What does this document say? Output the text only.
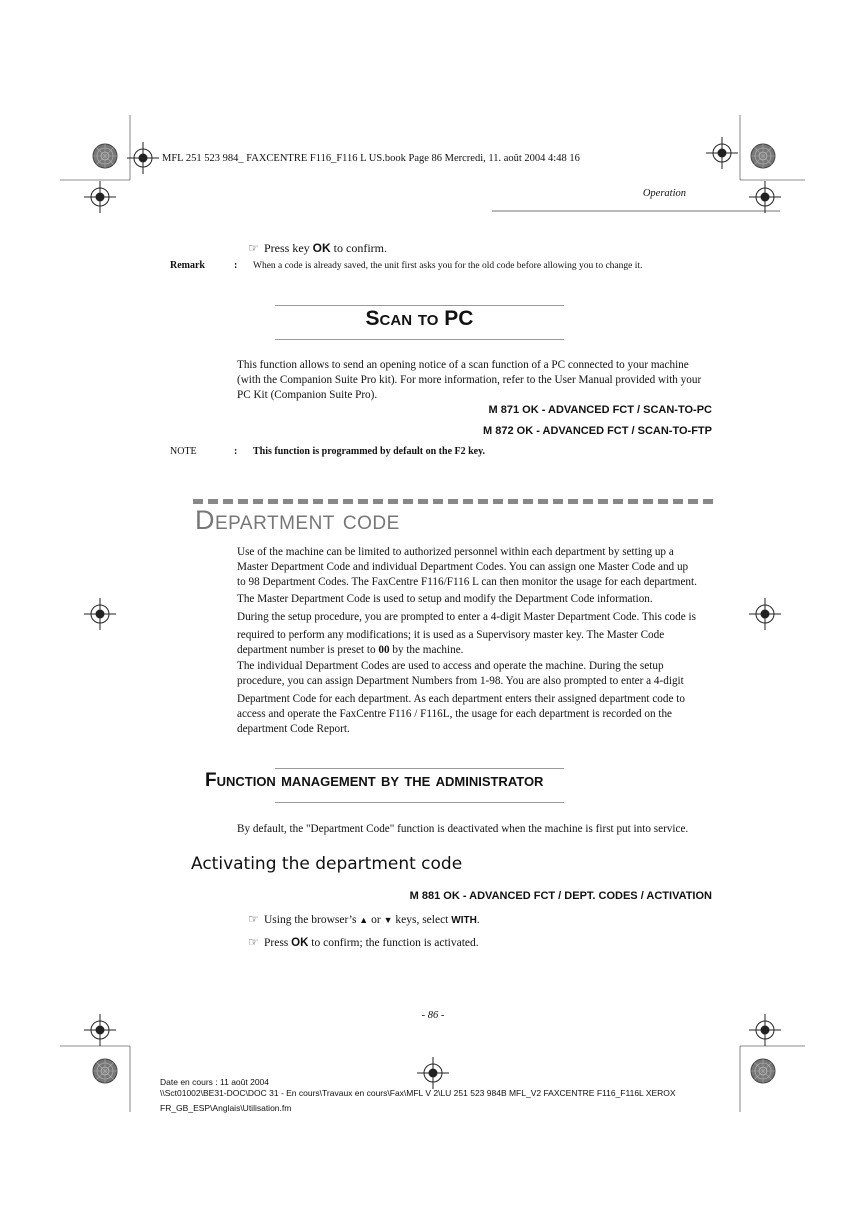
MFL 251 523 984_ FAXCENTRE F116_F116 L US.book Page 86 Mercredi, 11. août 2004 4:48 16
Operation
☞ Press key OK to confirm.
Remark	: When a code is already saved, the unit first asks you for the old code before allowing you to change it.
Scan to PC
This function allows to send an opening notice of a scan function of a PC connected to your machine
(with the Companion Suite Pro kit). For more information, refer to the User Manual provided with your
PC Kit (Companion Suite Pro).
M 871 OK - ADVANCED FCT / SCAN-TO-PC
M 872 OK - ADVANCED FCT / SCAN-TO-FTP
NOTE	: This function is programmed by default on the F2 key.
Department code
Use of the machine can be limited to authorized personnel within each department by setting up a
Master Department Code and individual Department Codes. You can assign one Master Code and up
to 98 Department Codes. The FaxCentre F116/F116 L can then monitor the usage for each department.
The Master Department Code is used to setup and modify the Department Code information.
During the setup procedure, you are prompted to enter a 4-digit Master Department Code. This code is
required to perform any modifications; it is used as a Supervisory master key. The Master Code
department number is preset to 00 by the machine.
The individual Department Codes are used to access and operate the machine. During the setup
procedure, you can assign Department Numbers from 1-98. You are also prompted to enter a 4-digit
Department Code for each department. As each department enters their assigned department code to
access and operate the FaxCentre F116 / F116L, the usage for each department is recorded on the
department Code Report.
Function management by the administrator
By default, the "Department Code" function is deactivated when the machine is first put into service.
Activating the department code
M 881 OK - ADVANCED FCT / DEPT. CODES / ACTIVATION
☞ Using the browser’s ▲ or ▼ keys, select WITH.
☞ Press OK to confirm; the function is activated.
- 86 -
Date en cours : 11 août 2004
\\Sct01002\BE31-DOC\DOC 31 - En cours\Travaux en cours\Fax\MFL V 2\LU 251 523 984B MFL_V2 FAXCENTRE F116_F116L XEROX
FR_GB_ESP\Anglais\Utilisation.fm
